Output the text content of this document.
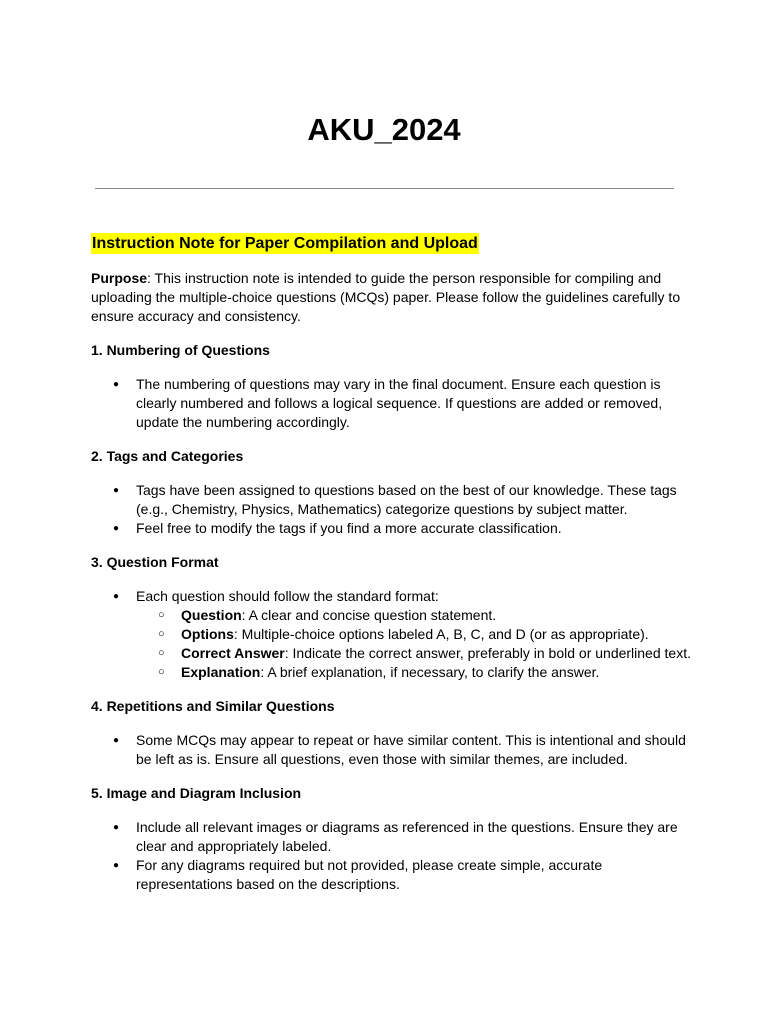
AKU_2024
Instruction Note for Paper Compilation and Upload

Purpose: This instruction note is intended to guide the person responsible for compiling and uploading the multiple-choice questions (MCQs) paper. Please follow the guidelines carefully to ensure accuracy and consistency.

1. Numbering of Questions

● The numbering of questions may vary in the final document. Ensure each question is clearly numbered and follows a logical sequence. If questions are added or removed, update the numbering accordingly.

2. Tags and Categories

● Tags have been assigned to questions based on the best of our knowledge. These tags (e.g., Chemistry, Physics, Mathematics) categorize questions by subject matter.
● Feel free to modify the tags if you find a more accurate classification.

3. Question Format

● Each question should follow the standard format:
○ Question: A clear and concise question statement.
○ Options: Multiple-choice options labeled A, B, C, and D (or as appropriate).
○ Correct Answer: Indicate the correct answer, preferably in bold or underlined text.
○ Explanation: A brief explanation, if necessary, to clarify the answer.

4. Repetitions and Similar Questions

● Some MCQs may appear to repeat or have similar content. This is intentional and should be left as is. Ensure all questions, even those with similar themes, are included.

5. Image and Diagram Inclusion

● Include all relevant images or diagrams as referenced in the questions. Ensure they are clear and appropriately labeled.
● For any diagrams required but not provided, please create simple, accurate representations based on the descriptions.
